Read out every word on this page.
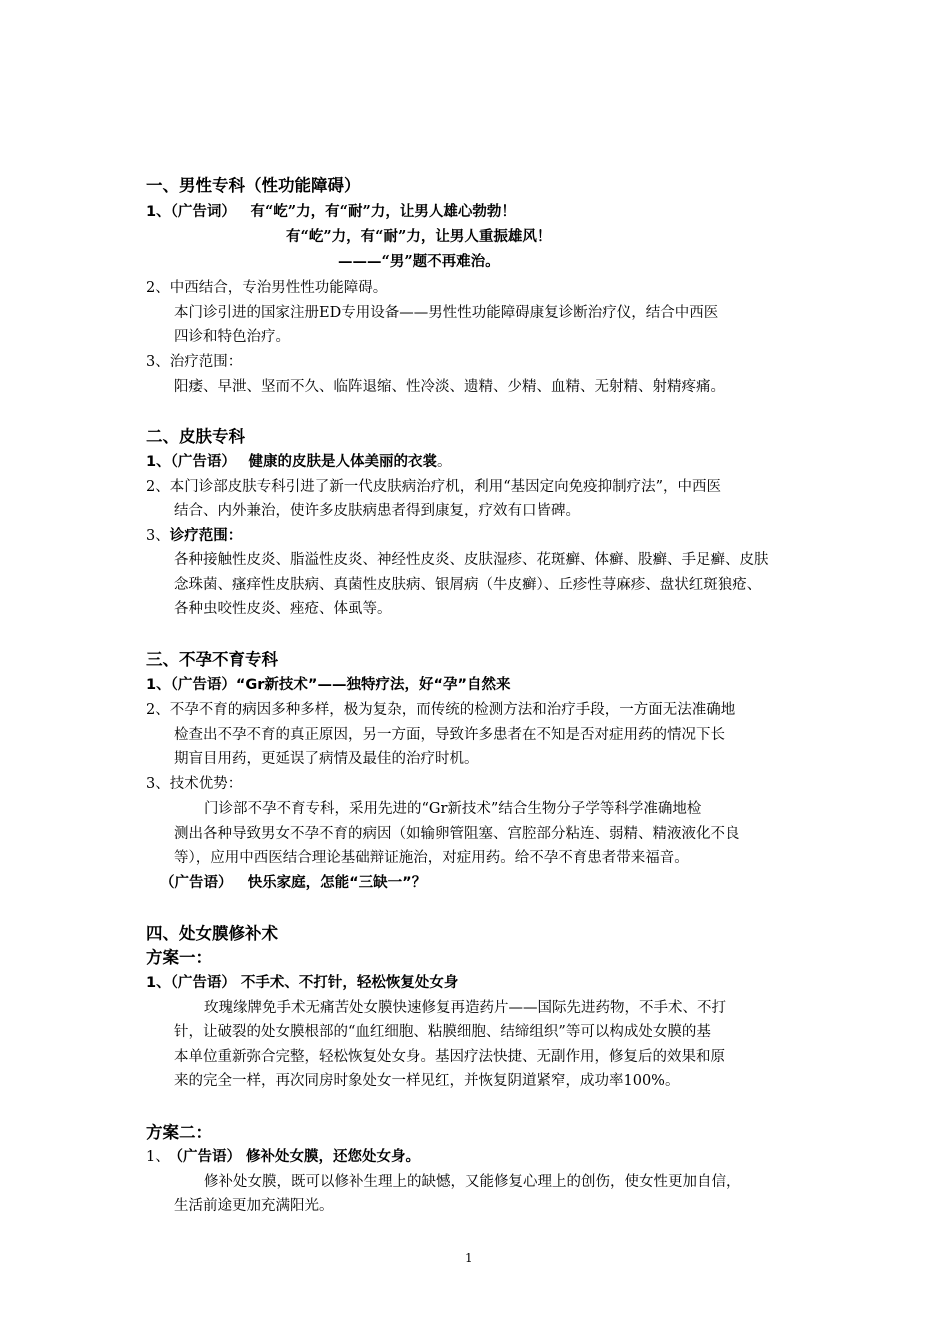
一、男性专科（性功能障碍）
1、（广告词） 有“屹”力，有“耐”力，让男人雄心勃勃！
有“屹”力，有“耐”力，让男人重振雄风！
———“男”题不再难治。
2、中西结合，专治男性性功能障碍。
本门诊引进的国家注册ED专用设备——男性性功能障碍康复诊断治疗仪，结合中西医
四诊和特色治疗。
3、治疗范围：
阳痿、早泄、坚而不久、临阵退缩、性冷淡、遗精、少精、血精、无射精、射精疼痛。
二、皮肤专科
1、（广告语） 健康的皮肤是人体美丽的衣裳。
2、本门诊部皮肤专科引进了新一代皮肤病治疗机，利用“基因定向免疫抑制疗法”，中西医
结合、内外兼治，使许多皮肤病患者得到康复，疗效有口皆碑。
3、诊疗范围：
各种接触性皮炎、脂溢性皮炎、神经性皮炎、皮肤湿疹、花斑癣、体癣、股癣、手足癣、皮肤
念珠菌、瘙痒性皮肤病、真菌性皮肤病、银屑病（牛皮癣）、丘疹性荨麻疹、盘状红斑狼疮、
各种虫咬性皮炎、痤疮、体虱等。
三、不孕不育专科
1、（广告语）“Gr新技术”——独特疗法，好“孕”自然来
2、不孕不育的病因多种多样，极为复杂，而传统的检测方法和治疗手段，一方面无法准确地
检查出不孕不育的真正原因，另一方面，导致许多患者在不知是否对症用药的情况下长
期盲目用药，更延误了病情及最佳的治疗时机。
3、技术优势：
门诊部不孕不育专科，采用先进的“Gr新技术”结合生物分子学等科学准确地检
测出各种导致男女不孕不育的病因（如输卵管阻塞、宫腔部分粘连、弱精、精液液化不良
等），应用中西医结合理论基础辩证施治，对症用药。给不孕不育患者带来福音。
（广告语）   快乐家庭，怎能“三缺一”？
四、处女膜修补术
方案一：
1、（广告语） 不手术、不打针，轻松恢复处女身
玫瑰缘牌免手术无痛苦处女膜快速修复再造药片——国际先进药物，不手术、不打
针，让破裂的处女膜根部的“血红细胞、粘膜细胞、结缔组织”等可以构成处女膜的基
本单位重新弥合完整，轻松恢复处女身。基因疗法快捷、无副作用，修复后的效果和原
来的完全一样，再次同房时象处女一样见红，并恢复阴道紧窄，成功率100%。
方案二：
1、 （广告语） 修补处女膜，还您处女身。
修补处女膜，既可以修补生理上的缺憾，又能修复心理上的创伤，使女性更加自信，
生活前途更加充满阳光。
1
